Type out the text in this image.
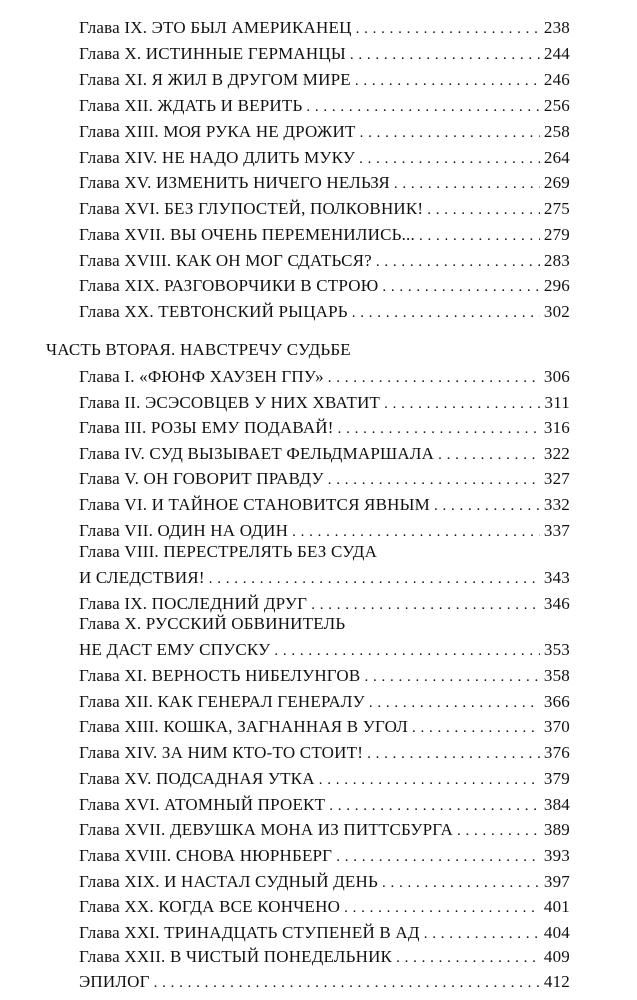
Глава IX. ЭТО БЫЛ АМЕРИКАНЕЦ . . .	238
Глава X. ИСТИННЫЕ ГЕРМАНЦЫ . . .	244
Глава XI. Я ЖИЛ В ДРУГОМ МИРЕ . . .	246
Глава XII. ЖДАТЬ И ВЕРИТЬ . . .	256
Глава XIII. МОЯ РУКА НЕ ДРОЖИТ . . .	258
Глава XIV. НЕ НАДО ДЛИТЬ МУКУ . . .	264
Глава XV. ИЗМЕНИТЬ НИЧЕГО НЕЛЬЗЯ . . .	269
Глава XVI. БЕЗ ГЛУПОСТЕЙ, ПОЛКОВНИК! . . .	275
Глава XVII. ВЫ ОЧЕНЬ ПЕРЕМЕНИЛИСЬ... . . .	279
Глава XVIII. КАК ОН МОГ СДАТЬСЯ? . . .	283
Глава XIX. РАЗГОВОРЧИКИ В СТРОЮ . . .	296
Глава XX. ТЕВТОНСКИЙ РЫЦАРЬ . . .	302
ЧАСТЬ ВТОРАЯ. НАВСТРЕЧУ СУДЬБЕ
Глава I. «ФЮНФ ХАУЗЕН ГПУ» . . .	306
Глава II. ЭСЭСОВЦЕВ У НИХ ХВАТИТ . . .	311
Глава III. РОЗЫ ЕМУ ПОДАВАЙ! . . .	316
Глава IV. СУД ВЫЗЫВАЕТ ФЕЛЬДМАРШАЛА . . .	322
Глава V. ОН ГОВОРИТ ПРАВДУ . . .	327
Глава VI. И ТАЙНОЕ СТАНОВИТСЯ ЯВНЫМ . . .	332
Глава VII. ОДИН НА ОДИН . . .	337
Глава VIII. ПЕРЕСТРЕЛЯТЬ БЕЗ СУДА
И СЛЕДСТВИЯ! . . .	343
Глава IX. ПОСЛЕДНИЙ ДРУГ . . .	346
Глава X. РУССКИЙ ОБВИНИТЕЛЬ
НЕ ДАСТ ЕМУ СПУСКУ . . .	353
Глава XI. ВЕРНОСТЬ НИБЕЛУНГОВ . . .	358
Глава XII. КАК ГЕНЕРАЛ ГЕНЕРАЛУ . . .	366
Глава XIII. КОШКА, ЗАГНАННАЯ В УГОЛ . . .	370
Глава XIV. ЗА НИМ КТО-ТО СТОИТ! . . .	376
Глава XV. ПОДСАДНАЯ УТКА . . .	379
Глава XVI. АТОМНЫЙ ПРОЕКТ . . .	384
Глава XVII. ДЕВУШКА МОНА ИЗ ПИТТСБУРГА . . .	389
Глава XVIII. СНОВА НЮРНБЕРГ . . .	393
Глава XIX. И НАСТАЛ СУДНЫЙ ДЕНЬ . . .	397
Глава XX. КОГДА ВСЕ КОНЧЕНО . . .	401
Глава XXI. ТРИНАДЦАТЬ СТУПЕНЕЙ В АД . . .	404
Глава XXII. В ЧИСТЫЙ ПОНЕДЕЛЬНИК . . .	409
ЭПИЛОГ . . .	412
